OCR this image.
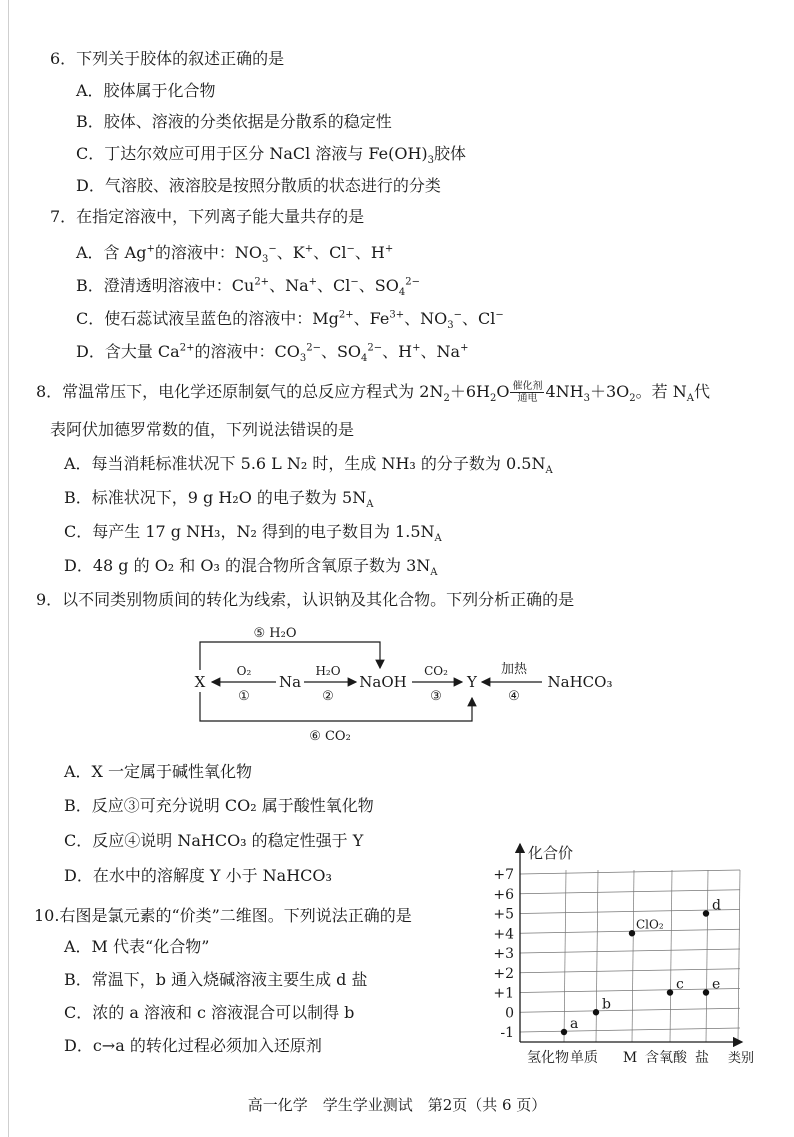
6．下列关于胶体的叙述正确的是
A．胶体属于化合物
B．胶体、溶液的分类依据是分散系的稳定性
C．丁达尔效应可用于区分 NaCl 溶液与 $Fe(OH)_3$胶体
D．气溶胶、液溶胶是按照分散质的状态进行的分类
7．在指定溶液中，下列离子能大量共存的是
A．含 Ag+的溶液中：$NO_3^-$、K+、Cl−、H+
B．澄清透明溶液中：$Cu^{2+}$、Na+、Cl−、$SO_4^{2-}$
C．使石蕊试液呈蓝色的溶液中：$Mg^{2+}$、$Fe^{3+}$、$NO_3^-$、Cl−
D．含大量 $Ca^{2+}$的溶液中：$CO_3^{2-}$、$SO_4^{2-}$、H+、Na+
8．常温常压下，电化学还原制氨气的总反应方程式为 $2N_2+6H_2O \frac{\text{催化剂}}{\text{通电}} 4NH_3+3O_2$。若 $N_A$代
表阿伏加德罗常数的值，下列说法错误的是
A．每当消耗标准状况下 5.6 L N₂ 时，生成 NH₃ 的分子数为 $0.5N_A$
B．标准状况下，9 g H₂O 的电子数为 $5N_A$
C．每产生 17 g NH₃，N₂ 得到的电子数目为 $1.5N_A$
D．48 g 的 O₂ 和 O₃ 的混合物所含氧原子数为 $3N_A$
9．以不同类别物质间的转化为线索，认识钠及其化合物。下列分析正确的是
X	Na	NaOH	Y	NaHCO₃
O₂
①
H₂O
②
CO₂
③
加热
④
⑤ H₂O
⑥ CO₂
A．X 一定属于碱性氧化物
B．反应③可充分说明 CO₂ 属于酸性氧化物
C．反应④说明 NaHCO₃ 的稳定性强于 Y
D．在水中的溶解度 Y 小于 NaHCO₃
10.右图是氯元素的“价类”二维图。下列说法正确的是
A．M 代表“化合物”
B．常温下，b 通入烧碱溶液主要生成 d 盐
C．浓的 a 溶液和 c 溶液混合可以制得 b
D．c→a 的转化过程必须加入还原剂
化合价
类别
+7
+6
+5
+4
+3
+2
+1
0
-1
氢化物 单质 M 含氧酸 盐
a
b
ClO₂
c
d
e
高一化学　学生学业测试　第2页（共 6 页）
